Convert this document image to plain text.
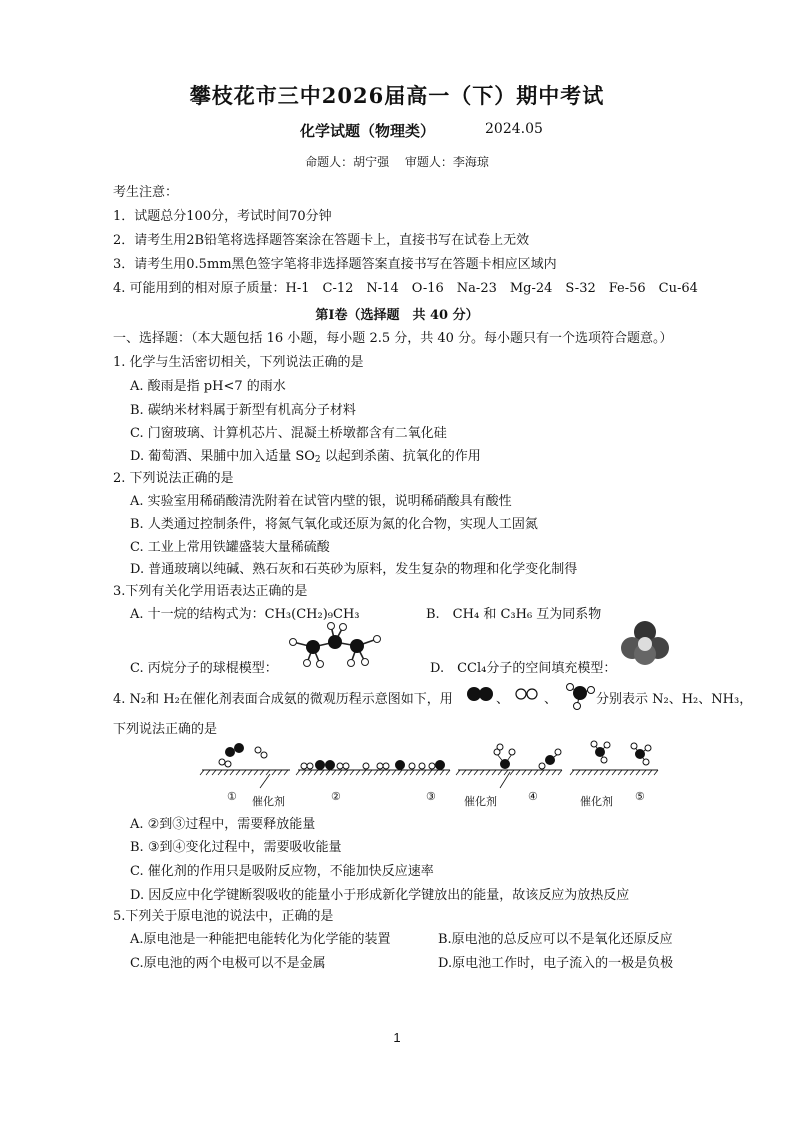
攀枝花市三中2026届高一（下）期中考试
化学试题（物理类）	2024.05
命题人：胡宁强　 审题人：李海琼
考生注意：
1．试题总分100分，考试时间70分钟
2．请考生用2B铅笔将选择题答案涂在答题卡上，直接书写在试卷上无效
3．请考生用0.5mm黑色签字笔将非选择题答案直接书写在答题卡相应区域内
4. 可能用到的相对原子质量：H-1　C-12　N-14　O-16　Na-23　Mg-24　S-32　Fe-56　Cu-64
第Ⅰ卷（选择题　共 40 分）
一、选择题：（本大题包括 16 小题，每小题 2.5 分，共 40 分。每小题只有一个选项符合题意。）
1. 化学与生活密切相关，下列说法正确的是
A. 酸雨是指 pH<7 的雨水
B. 碳纳米材料属于新型有机高分子材料
C. 门窗玻璃、计算机芯片、混凝土桥墩都含有二氧化硅
D. 葡萄酒、果脯中加入适量 $SO_2$ 以起到杀菌、抗氧化的作用
2. 下列说法正确的是
A. 实验室用稀硝酸清洗附着在试管内壁的银，说明稀硝酸具有酸性
B. 人类通过控制条件，将氮气氧化或还原为氮的化合物，实现人工固氮
C. 工业上常用铁罐盛装大量稀硫酸
D. 普通玻璃以纯碱、熟石灰和石英砂为原料，发生复杂的物理和化学变化制得
3.下列有关化学用语表达正确的是
A. 十一烷的结构式为：CH₃(CH₂)₉CH₃	B.　CH₄ 和 C₃H₆ 互为同系物
C. 丙烷分子的球棍模型：	D.　CCl₄分子的空间填充模型：
4. N₂和 H₂在催化剂表面合成氨的微观历程示意图如下，用	、	、	分别表示 N₂、H₂、NH₃，
下列说法正确的是
① 催化剂	②	③	催化剂	④	催化剂 ⑤
A. ②到③过程中，需要释放能量
B. ③到④变化过程中，需要吸收能量
C. 催化剂的作用只是吸附反应物，不能加快反应速率
D. 因反应中化学键断裂吸收的能量小于形成新化学键放出的能量，故该反应为放热反应
5.下列关于原电池的说法中，正确的是
A.原电池是一种能把电能转化为化学能的装置	B.原电池的总反应可以不是氧化还原反应
C.原电池的两个电极可以不是金属	D.原电池工作时，电子流入的一极是负极
1
